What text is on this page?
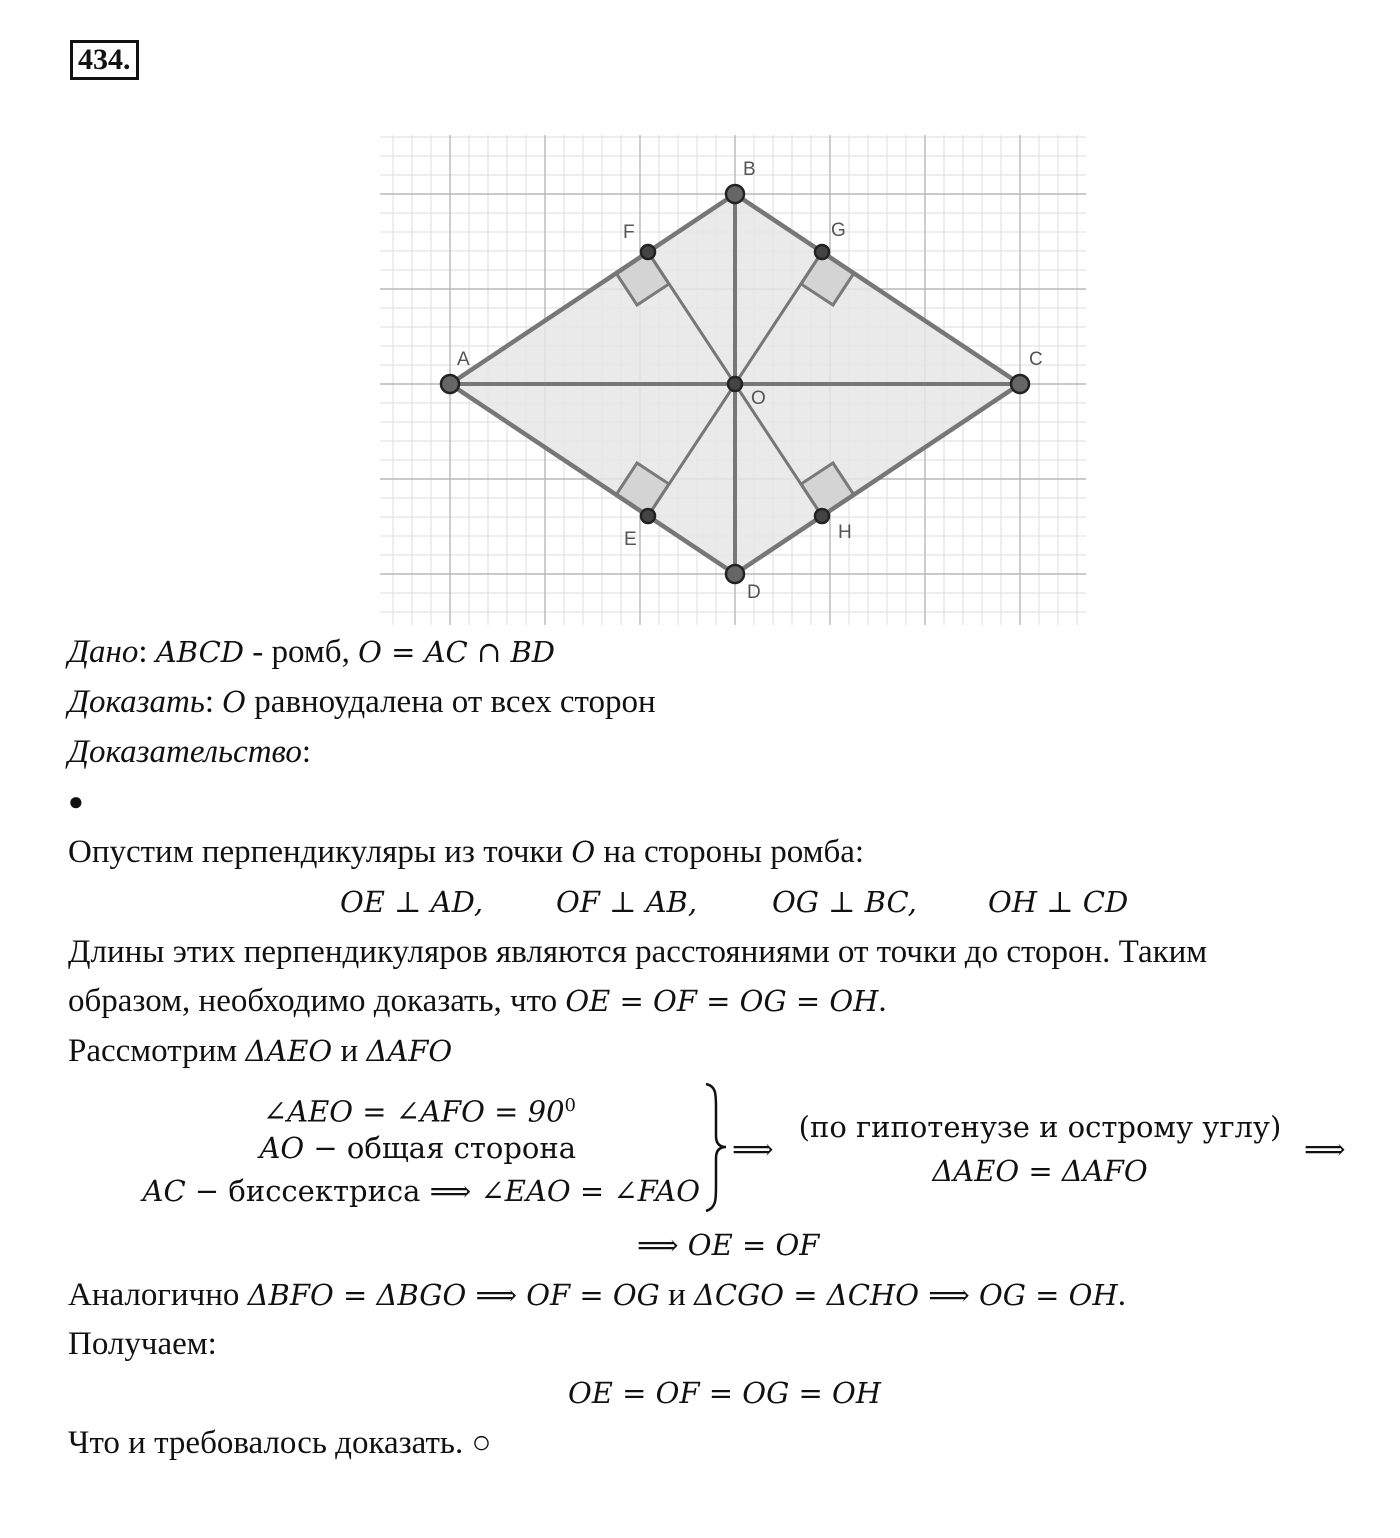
434.
A
B
C
D
O
F	G
E	H
Дано: ABCD - ромб, O = AC ∩ BD
Доказать: O равноудалена от всех сторон
Доказательство:
●
Опустим перпендикуляры из точки O на стороны ромба:
OE ⊥ AD,	OF ⊥ AB,	OG ⊥ BC, OH ⊥ CD
Длины этих перпендикуляров являются расстояниями от точки до сторон. Таким
образом, необходимо доказать, что OE = OF = OG = OH.
Рассмотрим ΔAEO и ΔAFO
∠AEO = ∠AFO = $90^0$
AO − общая сторона
AC − биссектриса ⟹ ∠EAO = ∠FAO
⟹
(по гипотенузе и острому углу)
ΔAEO = ΔAFO
⟹
⟹ OE = OF
Аналогично ΔBFO = ΔBGO ⟹ OF = OG и ΔCGO = ΔCHO ⟹ OG = OH.
Получаем:
OE = OF = OG = OH
Что и требовалось доказать. ○
